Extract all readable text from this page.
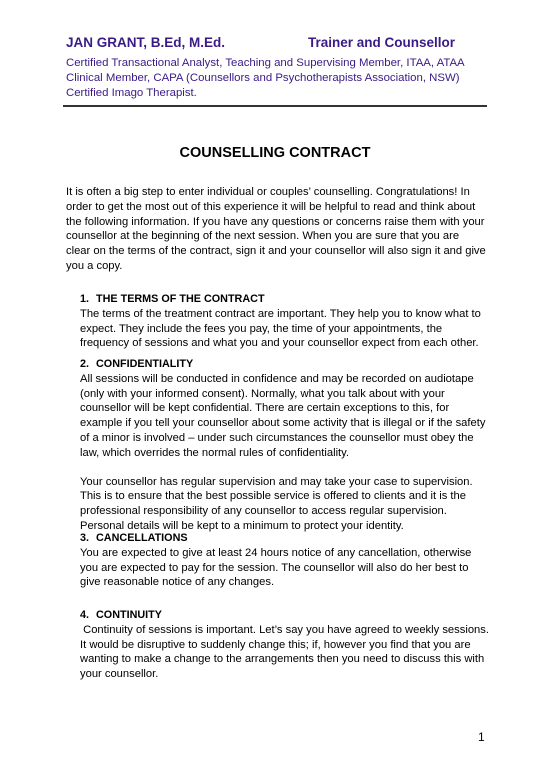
JAN GRANT, B.Ed, M.Ed.	Trainer and Counsellor
Certified Transactional Analyst, Teaching and Supervising Member, ITAA, ATAA
Clinical Member, CAPA (Counsellors and Psychotherapists Association, NSW)
Certified Imago Therapist.
COUNSELLING CONTRACT
It is often a big step to enter individual or couples’ counselling. Congratulations! In order to get the most out of this experience it will be helpful to read and think about the following information. If you have any questions or concerns raise them with your counsellor at the beginning of the next session. When you are sure that you are clear on the terms of the contract, sign it and your counsellor will also sign it and give you a copy.
1. THE TERMS OF THE CONTRACT
The terms of the treatment contract are important. They help you to know what to expect. They include the fees you pay, the time of your appointments, the frequency of sessions and what you and your counsellor expect from each other.
2. CONFIDENTIALITY
All sessions will be conducted in confidence and may be recorded on audiotape (only with your informed consent). Normally, what you talk about with your counsellor will be kept confidential. There are certain exceptions to this, for example if you tell your counsellor about some activity that is illegal or if the safety of a minor is involved – under such circumstances the counsellor must obey the law, which overrides the normal rules of confidentiality.
Your counsellor has regular supervision and may take your case to supervision. This is to ensure that the best possible service is offered to clients and it is the professional responsibility of any counsellor to access regular supervision. Personal details will be kept to a minimum to protect your identity.
3. CANCELLATIONS
You are expected to give at least 24 hours notice of any cancellation, otherwise you are expected to pay for the session. The counsellor will also do her best to give reasonable notice of any changes.
4. CONTINUITY
Continuity of sessions is important. Let’s say you have agreed to weekly sessions. It would be disruptive to suddenly change this; if, however you find that you are wanting to make a change to the arrangements then you need to discuss this with your counsellor.
1
